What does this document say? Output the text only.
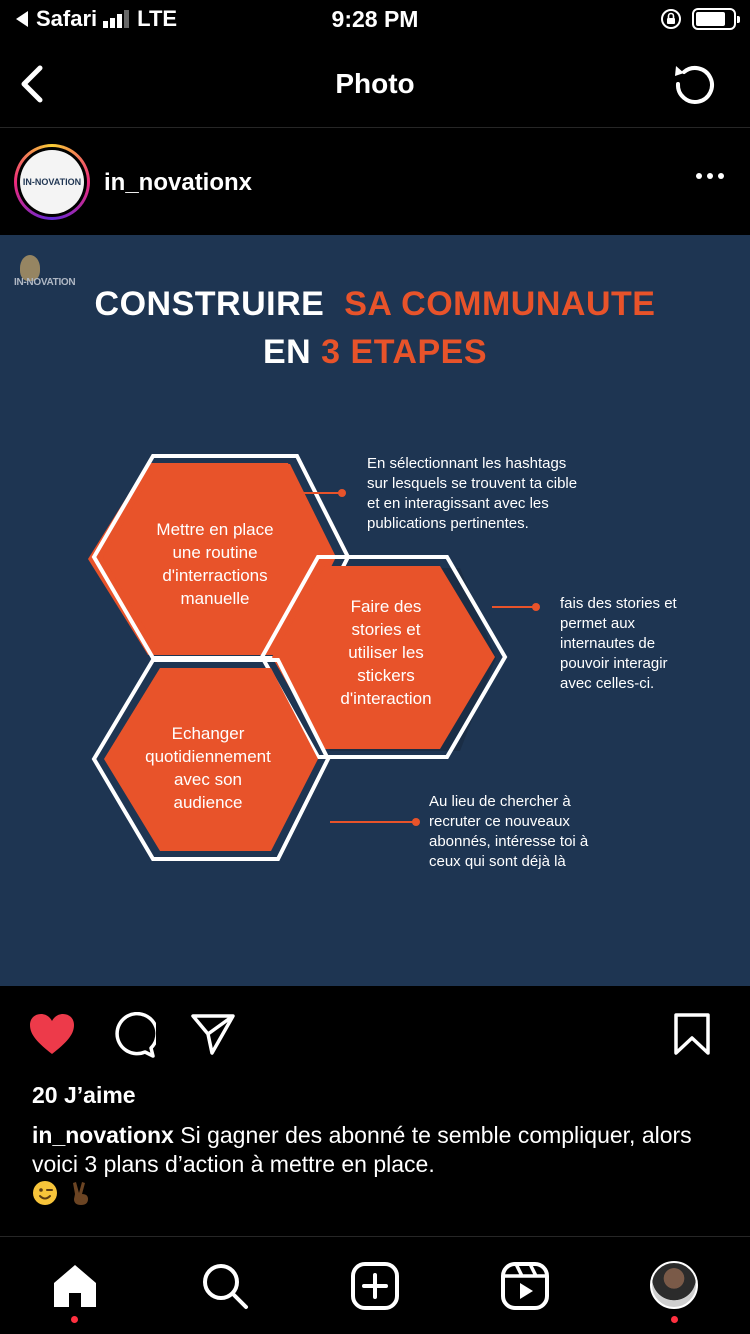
Safari LTE	9:28 PM
Photo
IN-NOVATION in_novationx
IN-NOVATION
CONSTRUIRE SA COMMUNAUTE
EN 3 ETAPES
Mettre en place
une routine
d'interractions
manuelle	Faire des
stories et
utiliser les
stickers
d'interaction
Echanger
quotidiennement
avec son
audience
En sélectionnant les hashtags
sur lesquels se trouvent ta cible
et en interagissant avec les
publications pertinentes.
fais des stories et
permet aux
internautes de
pouvoir interagir
avec celles-ci.
Au lieu de chercher à
recruter ce nouveaux
abonnés, intéresse toi à
ceux qui sont déjà là
20 J’aime
in_novationx Si gagner des abonné te semble compliquer, alors voici 3 plans d’action à mettre en place.
